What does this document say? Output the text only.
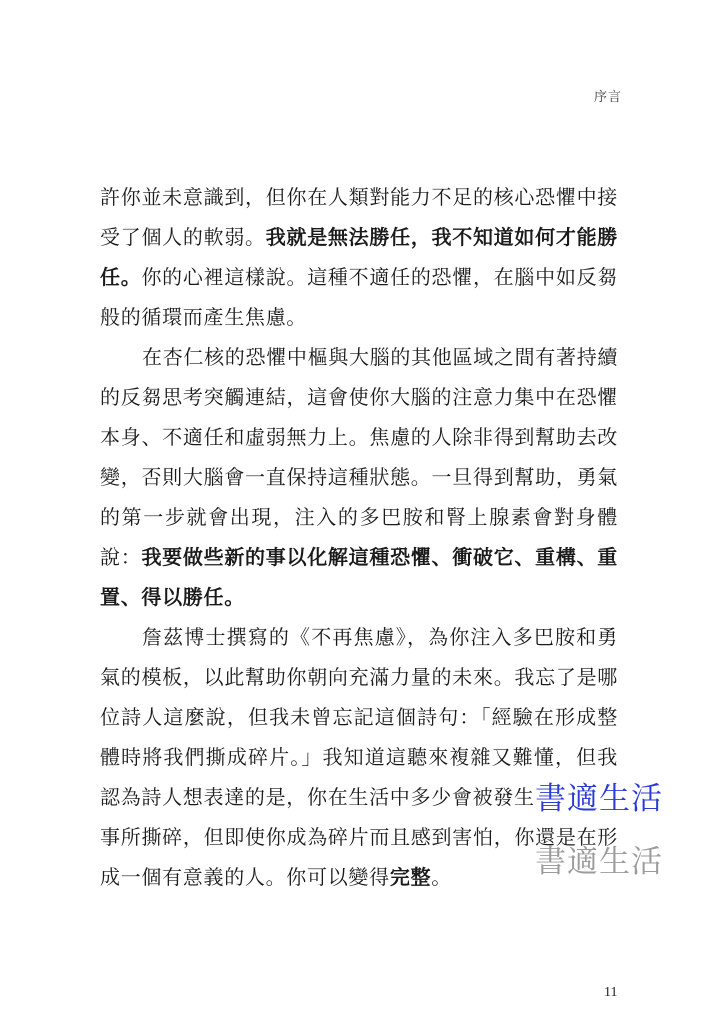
序言
許你並未意識到，但你在人類對能力不足的核心恐懼中接
受了個人的軟弱。我就是無法勝任，我不知道如何才能勝
任。你的心裡這樣說。這種不適任的恐懼，在腦中如反芻
般的循環而產生焦慮。
在杏仁核的恐懼中樞與大腦的其他區域之間有著持續
的反芻思考突觸連結，這會使你大腦的注意力集中在恐懼
本身、不適任和虛弱無力上。焦慮的人除非得到幫助去改
變，否則大腦會一直保持這種狀態。一旦得到幫助，勇氣
的第一步就會出現，注入的多巴胺和腎上腺素會對身體
說：我要做些新的事以化解這種恐懼、衝破它、重構、重
置、得以勝任。
詹茲博士撰寫的《不再焦慮》，為你注入多巴胺和勇
氣的模板，以此幫助你朝向充滿力量的未來。我忘了是哪
位詩人這麼說，但我未曾忘記這個詩句：「經驗在形成整
體時將我們撕成碎片。」我知道這聽來複雜又難懂，但我
認為詩人想表達的是，你在生活中多少會被發生
事所撕碎，但即使你成為碎片而且感到害怕，你還是在形
成一個有意義的人。你可以變得完整。
書適生活
書適生活
11
